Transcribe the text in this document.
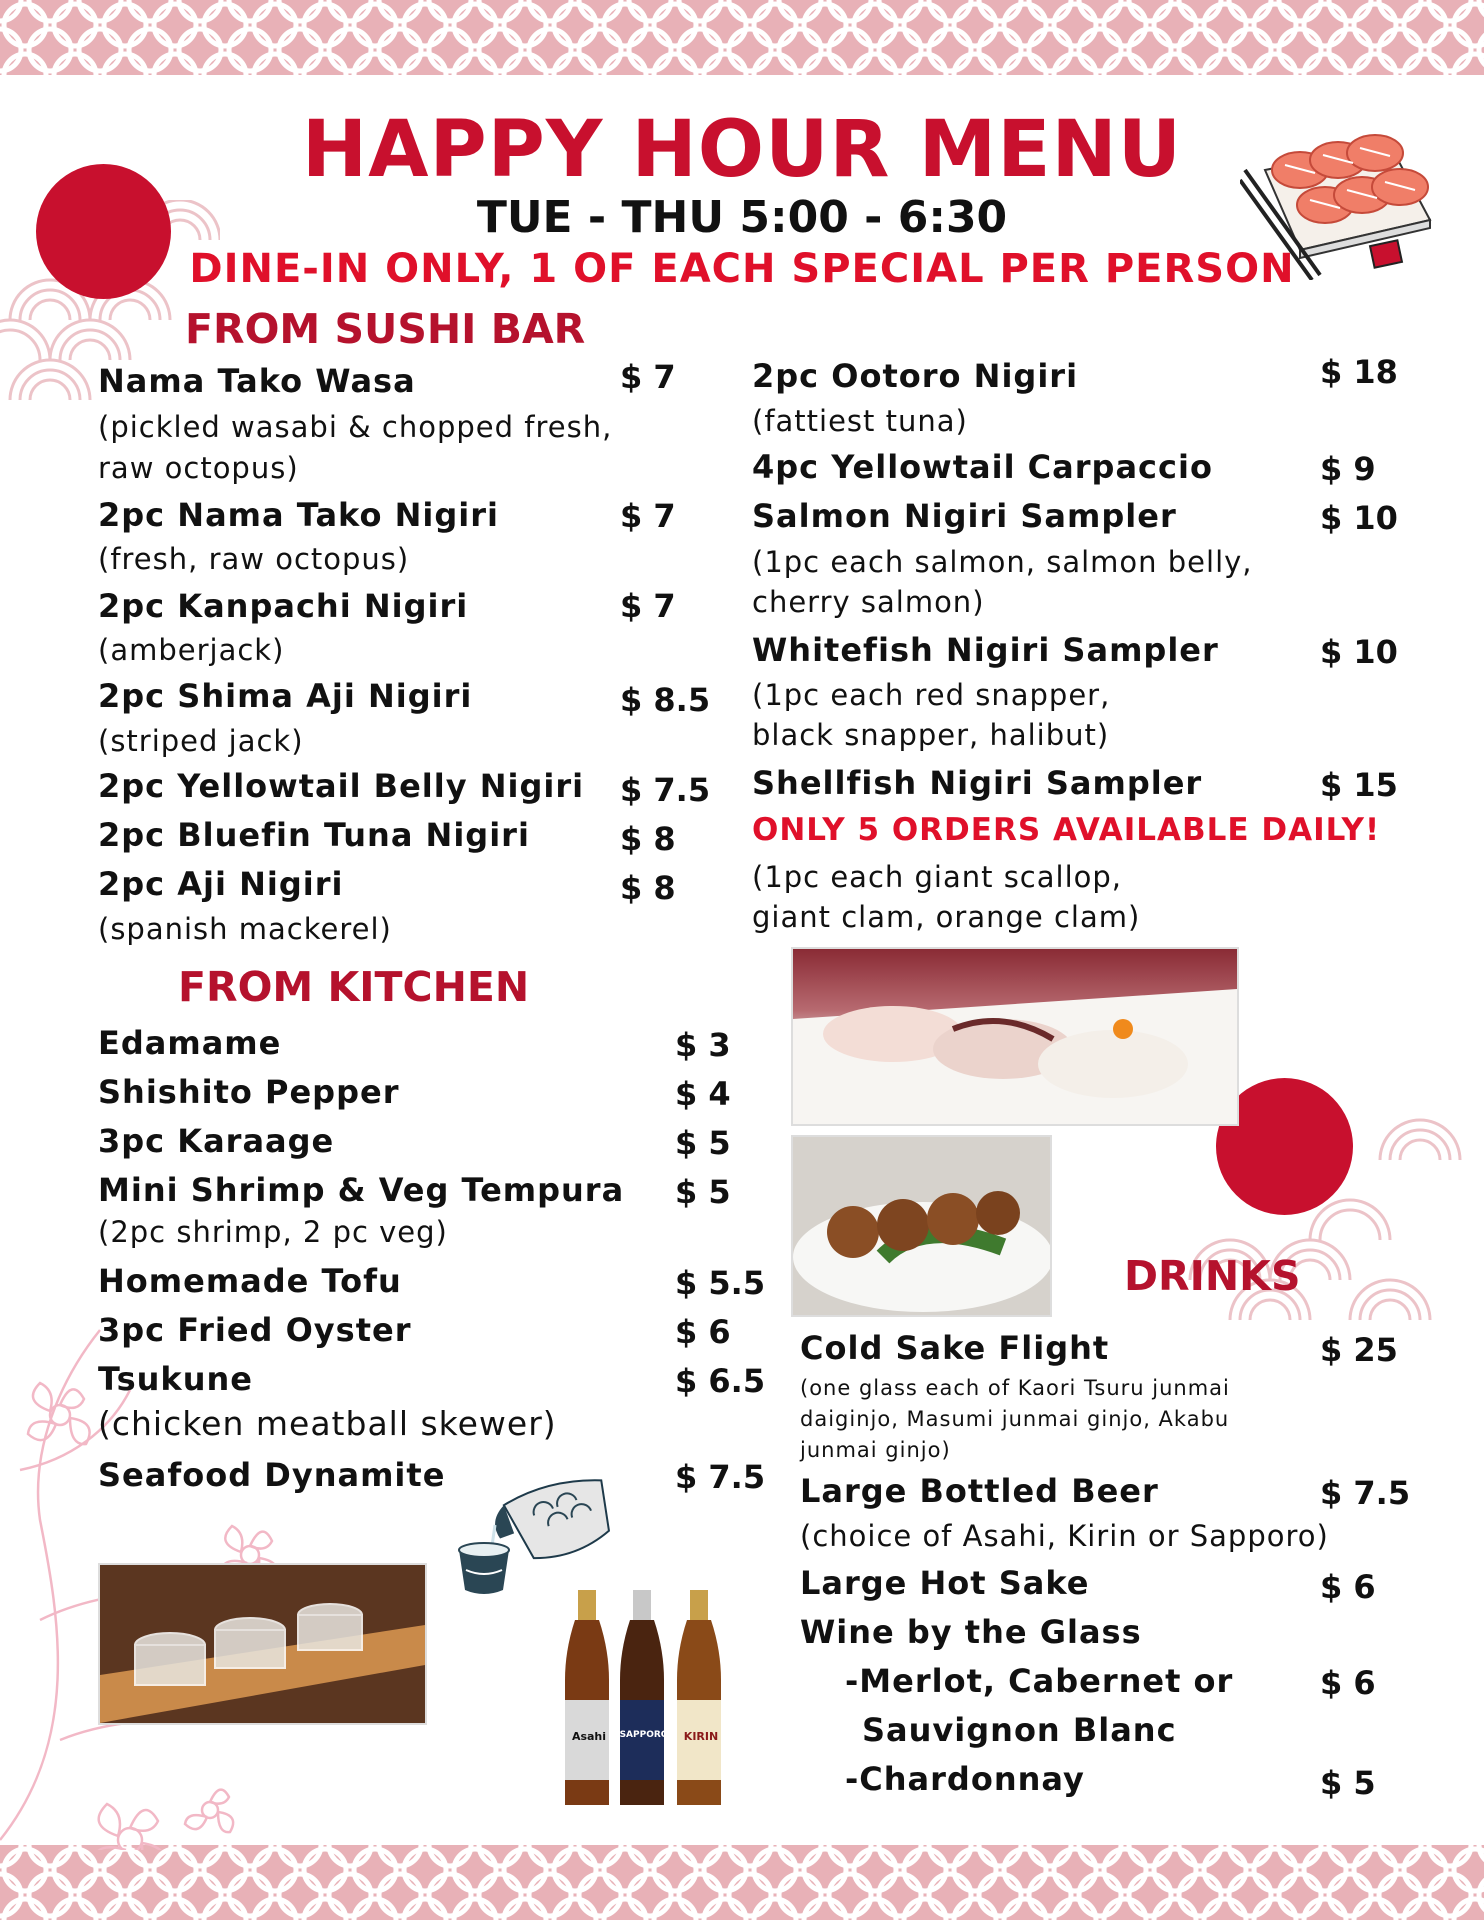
HAPPY HOUR MENU
TUE - THU 5:00 - 6:30
DINE-IN ONLY, 1 OF EACH SPECIAL PER PERSON
FROM SUSHI BAR
Nama Tako Wasa	$ 7
(pickled wasabi & chopped fresh,
raw octopus)
2pc Nama Tako Nigiri	$ 7
(fresh, raw octopus)
2pc Kanpachi Nigiri	$ 7
(amberjack)
2pc Shima Aji Nigiri	$ 8.5
(striped jack)
2pc Yellowtail Belly Nigiri $ 7.5
2pc Bluefin Tuna Nigiri	$ 8
2pc Aji Nigiri	$ 8
(spanish mackerel)
2pc Ootoro Nigiri	$ 18
(fattiest tuna)
4pc Yellowtail Carpaccio	$ 9
Salmon Nigiri Sampler	$ 10
(1pc each salmon, salmon belly,
cherry salmon)
Whitefish Nigiri Sampler	$ 10
(1pc each red snapper,
black snapper, halibut)
Shellfish Nigiri Sampler	$ 15
ONLY 5 ORDERS AVAILABLE DAILY!
(1pc each giant scallop,
giant clam, orange clam)
FROM KITCHEN
Edamame	$ 3
Shishito Pepper	$ 4
3pc Karaage	$ 5
Mini Shrimp & Veg Tempura $ 5
(2pc shrimp, 2 pc veg)
Homemade Tofu	$ 5.5
3pc Fried Oyster	$ 6
Tsukune	$ 6.5
(chicken meatball skewer)
Seafood Dynamite	$ 7.5
Asahi	SAPPORO	KIRIN
DRINKS
Cold Sake Flight	$ 25
(one glass each of Kaori Tsuru junmai
daiginjo, Masumi junmai ginjo, Akabu
junmai ginjo)
Large Bottled Beer	$ 7.5
(choice of Asahi, Kirin or Sapporo)
Large Hot Sake	$ 6
Wine by the Glass
-Merlot, Cabernet or	$ 6
Sauvignon Blanc
-Chardonnay	$ 5
